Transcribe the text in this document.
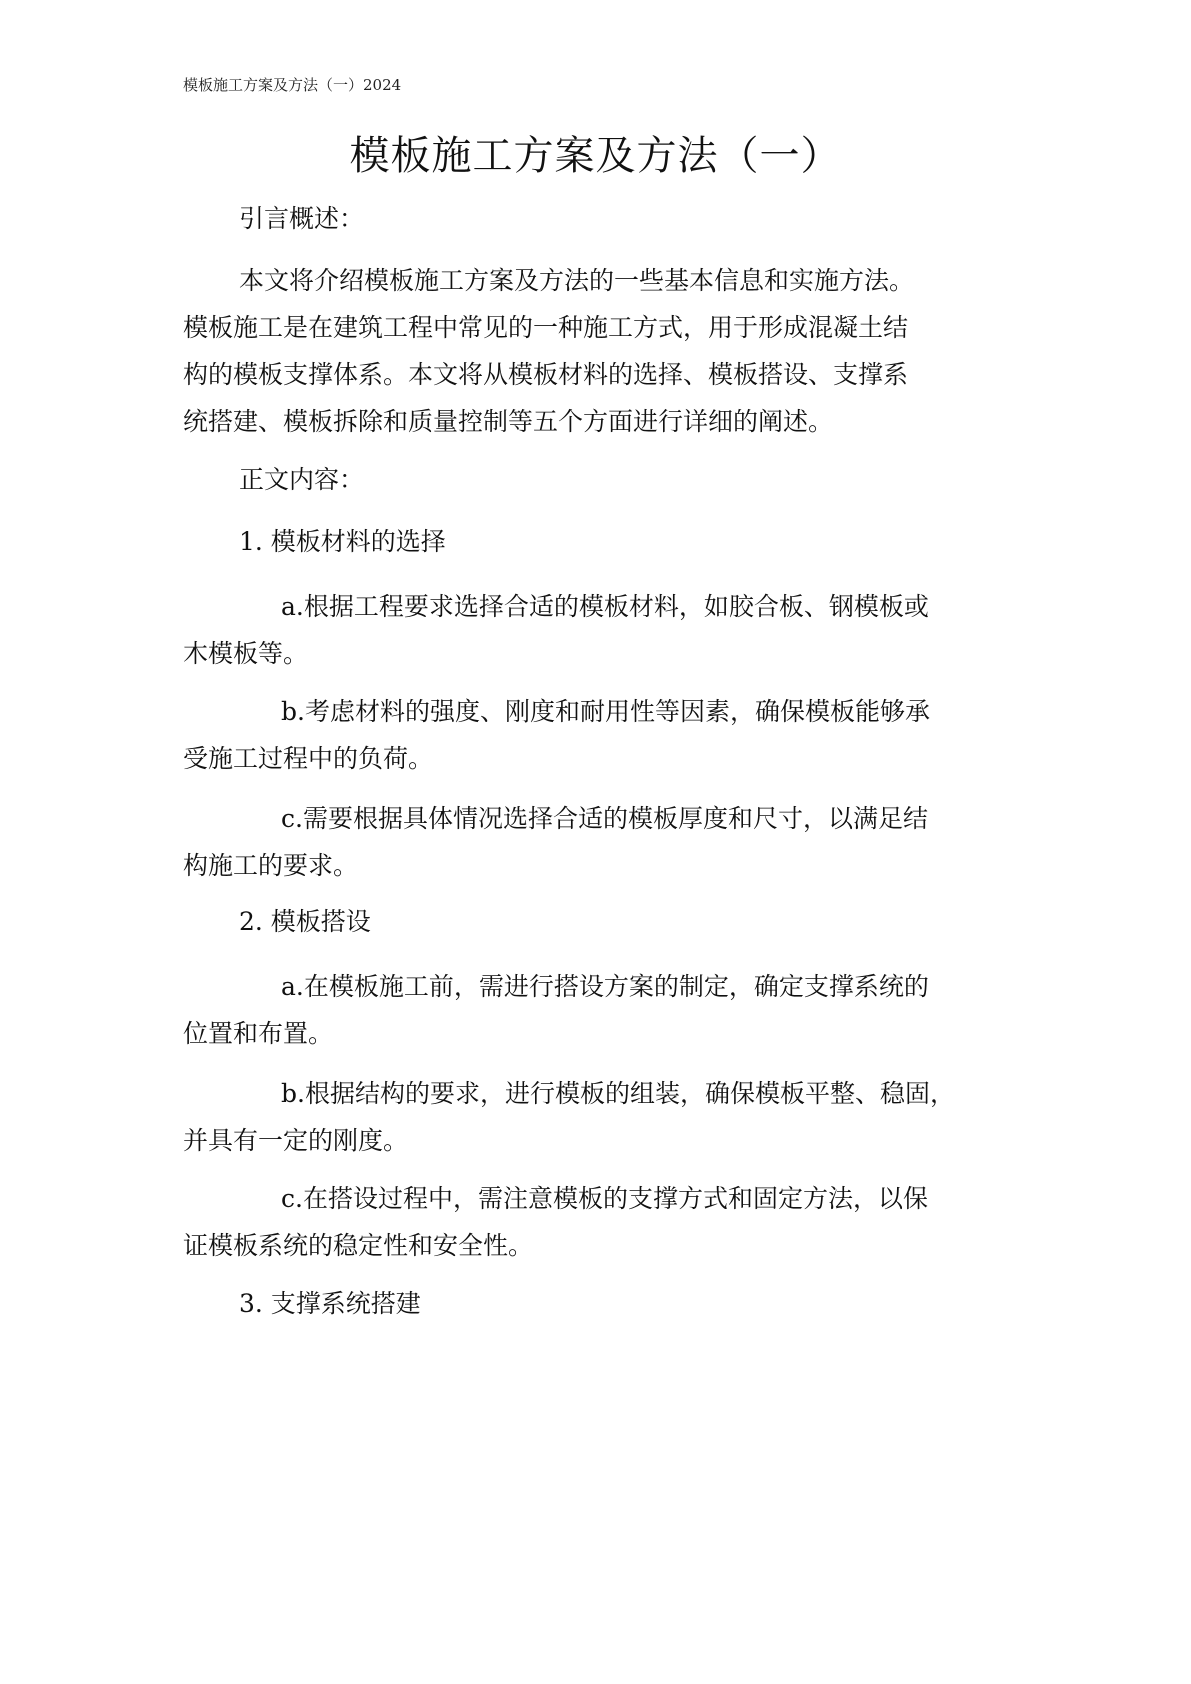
模板施工方案及方法（一）2024
模板施工方案及方法（一）
引言概述：
本文将介绍模板施工方案及方法的一些基本信息和实施方法。
模板施工是在建筑工程中常见的一种施工方式，用于形成混凝土结
构的模板支撑体系。本文将从模板材料的选择、模板搭设、支撑系
统搭建、模板拆除和质量控制等五个方面进行详细的阐述。
正文内容：
1. 模板材料的选择
a.根据工程要求选择合适的模板材料，如胶合板、钢模板或
木模板等。
b.考虑材料的强度、刚度和耐用性等因素，确保模板能够承
受施工过程中的负荷。
c.需要根据具体情况选择合适的模板厚度和尺寸，以满足结
构施工的要求。
2. 模板搭设
a.在模板施工前，需进行搭设方案的制定，确定支撑系统的
位置和布置。
b.根据结构的要求，进行模板的组装，确保模板平整、稳固，
并具有一定的刚度。
c.在搭设过程中，需注意模板的支撑方式和固定方法，以保
证模板系统的稳定性和安全性。
3. 支撑系统搭建
